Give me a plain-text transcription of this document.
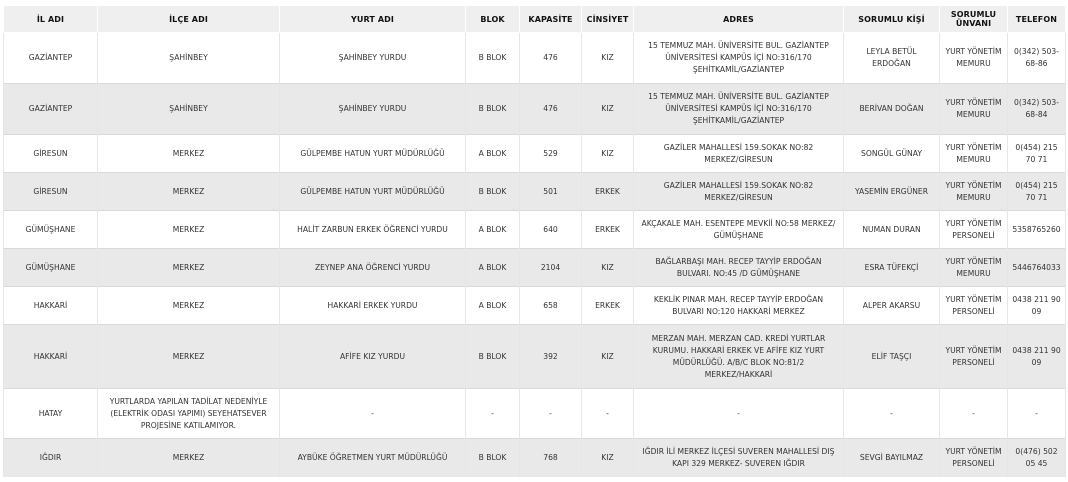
İL ADI	İLÇE ADI	YURT ADI	BLOK	KAPASİTE	CİNSİYET	ADRES	SORUMLU KİŞİ	SORUMLU ÜNVANI	TELEFON
GAZİANTEP	ŞAHİNBEY	ŞAHİNBEY YURDU	B BLOK	476	KIZ	15 TEMMUZ MAH. ÜNİVERSİTE BUL. GAZİANTEP ÜNİVERSİTESİ KAMPÜS İÇİ NO:316/170 ŞEHİTKAMİL/GAZİANTEP	LEYLA BETÜL ERDOĞAN	YURT YÖNETİM MEMURU	0(342) 503-68-86
GAZİANTEP	ŞAHİNBEY	ŞAHİNBEY YURDU	B BLOK	476	KIZ	15 TEMMUZ MAH. ÜNİVERSİTE BUL. GAZİANTEP ÜNİVERSİTESİ KAMPÜS İÇİ NO:316/170 ŞEHİTKAMİL/GAZİANTEP	BERİVAN DOĞAN	YURT YÖNETİM MEMURU	0(342) 503-68-84
GİRESUN	MERKEZ	GÜLPEMBE HATUN YURT MÜDÜRLÜĞÜ	A BLOK	529	KIZ	GAZİLER MAHALLESİ 159.SOKAK NO:82 MERKEZ/GİRESUN	SONGÜL GÜNAY	YURT YÖNETİM MEMURU	0(454) 215 70 71
GİRESUN	MERKEZ	GÜLPEMBE HATUN YURT MÜDÜRLÜĞÜ	B BLOK	501	ERKEK	GAZİLER MAHALLESİ 159.SOKAK NO:82 MERKEZ/GİRESUN	YASEMİN ERGÜNER	YURT YÖNETİM MEMURU	0(454) 215 70 71
GÜMÜŞHANE	MERKEZ	HALİT ZARBUN ERKEK ÖĞRENCİ YURDU	A BLOK	640	ERKEK	AKÇAKALE MAH. ESENTEPE MEVKİİ NO:58 MERKEZ/ GÜMÜŞHANE	NUMAN DURAN	YURT YÖNETİM PERSONELİ	5358765260
GÜMÜŞHANE	MERKEZ	ZEYNEP ANA ÖĞRENCİ YURDU	A BLOK	2104	KIZ	BAĞLARBAŞI MAH. RECEP TAYYİP ERDOĞAN BULVARI. NO:45 /D GÜMÜŞHANE	ESRA TÜFEKÇİ	YURT YÖNETİM MEMURU	5446764033
HAKKARİ	MERKEZ	HAKKARİ ERKEK YURDU	A BLOK	658	ERKEK	KEKLİK PINAR MAH. RECEP TAYYİP ERDOĞAN BULVARI NO:120 HAKKARİ MERKEZ	ALPER AKARSU	YURT YÖNETİM PERSONELİ	0438 211 90 09
HAKKARİ	MERKEZ	AFİFE KIZ YURDU	B BLOK	392	KIZ	MERZAN MAH. MERZAN CAD. KREDİ YURTLAR KURUMU. HAKKARİ ERKEK VE AFİFE KIZ YURT MÜDÜRLÜĞÜ. A/B/C BLOK NO:81/2 MERKEZ/HAKKARİ	ELİF TAŞÇI	YURT YÖNETİM PERSONELİ	0438 211 90 09
HATAY	YURTLARDA YAPILAN TADİLAT NEDENİYLE (ELEKTRİK ODASI YAPIMI) SEYEHATSEVER PROJESİNE KATILAMIYOR.	-	-	-	-	-	-	-	-
IĞDIR	MERKEZ	AYBÜKE ÖĞRETMEN YURT MÜDÜRLÜĞÜ	B BLOK	768	KIZ	IĞDIR İLİ MERKEZ İLÇESİ SUVEREN MAHALLESİ DIŞ KAPI 329 MERKEZ- SUVEREN IĞDIR	SEVGİ BAYILMAZ	YURT YÖNETİM PERSONELİ	0(476) 502 05 45
